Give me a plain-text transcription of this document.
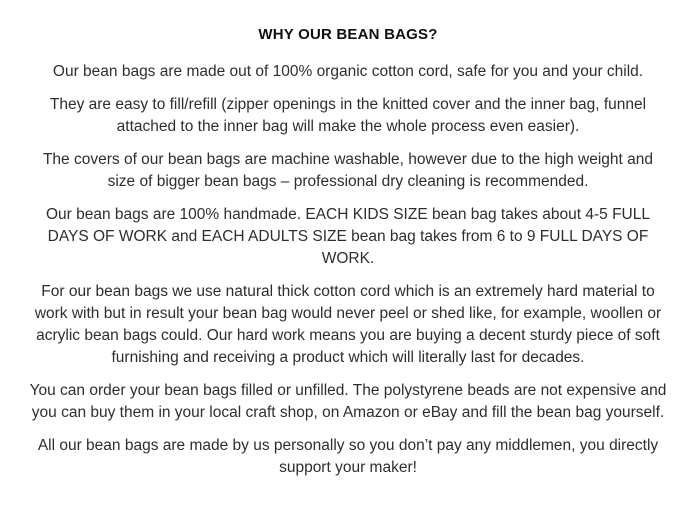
WHY OUR BEAN BAGS?

Our bean bags are made out of 100% organic cotton cord, safe for you and your child.

They are easy to fill/refill (zipper openings in the knitted cover and the inner bag, funnel attached to the inner bag will make the whole process even easier).

The covers of our bean bags are machine washable, however due to the high weight and size of bigger bean bags – professional dry cleaning is recommended.

Our bean bags are 100% handmade. EACH KIDS SIZE bean bag takes about 4-5 FULL DAYS OF WORK and EACH ADULTS SIZE bean bag takes from 6 to 9 FULL DAYS OF WORK.

For our bean bags we use natural thick cotton cord which is an extremely hard material to work with but in result your bean bag would never peel or shed like, for example, woollen or acrylic bean bags could. Our hard work means you are buying a decent sturdy piece of soft furnishing and receiving a product which will literally last for decades.

You can order your bean bags filled or unfilled. The polystyrene beads are not expensive and you can buy them in your local craft shop, on Amazon or eBay and fill the bean bag yourself.

All our bean bags are made by us personally so you don’t pay any middlemen, you directly support your maker!
